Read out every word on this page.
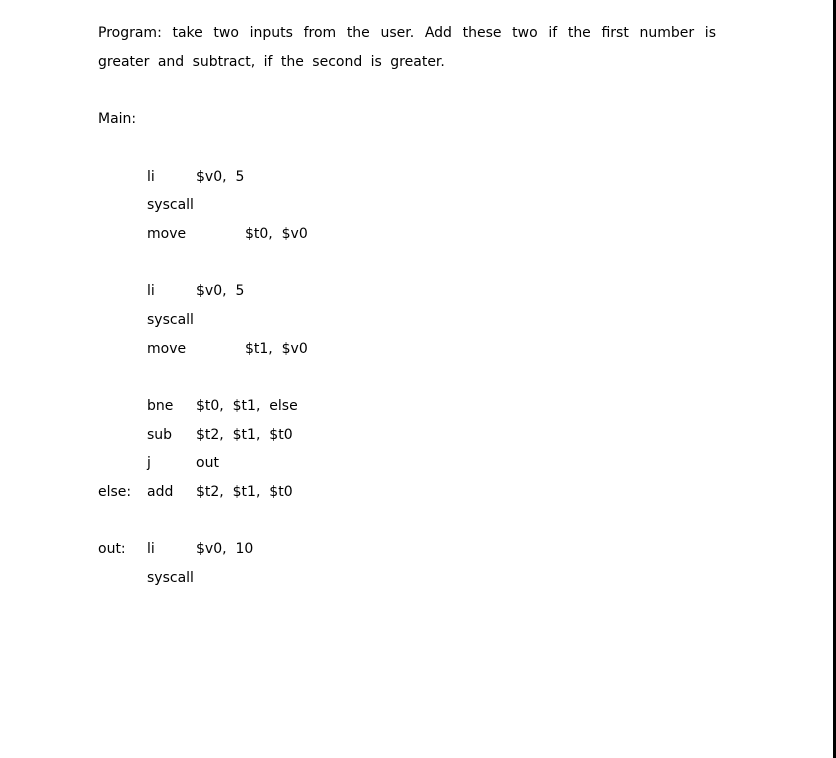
Program: take two inputs from the user. Add these two if the first number is
greater and subtract, if the second is greater.
Main:
li	$v0,  5
syscall
move	$t0,  $v0
li	$v0,  5
syscall
move	$t1,  $v0
bne $t0,  $t1,  else
sub $t2,  $t1,  $t0
j	out
else: add $t2,  $t1,  $t0
out: li	$v0,  10
syscall
